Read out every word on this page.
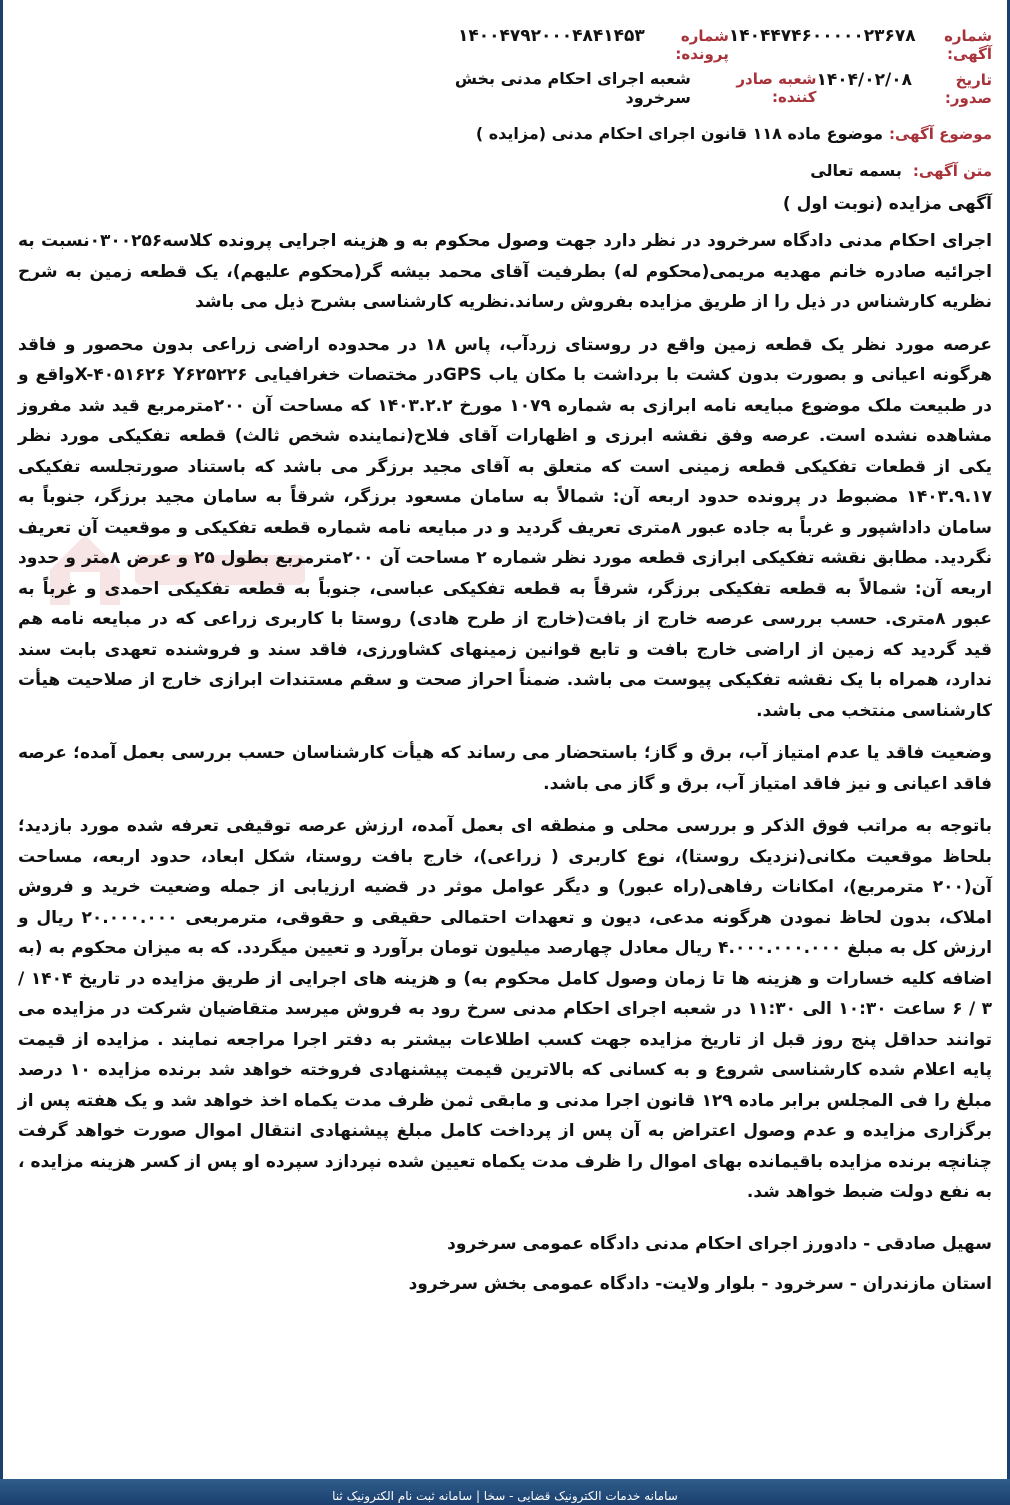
شماره آگهی:
۱۴۰۴۴۷۴۶۰۰۰۰۰۲۳۶۷۸
شماره پرونده:
۱۴۰۰۴۷۹۲۰۰۰۴۸۴۱۴۵۳
تاریخ صدور:
۱۴۰۴/۰۲/۰۸
شعبه صادر کننده:
شعبه اجرای احکام مدنی بخش سرخرود
موضوع آگهی:
موضوع ماده ۱۱۸ قانون اجرای احکام مدنی (مزایده )
متن آگهی: بسمه تعالی
آگهی مزایده (نوبت اول )

اجرای احکام مدنی دادگاه سرخرود در نظر دارد جهت وصول محکوم به و هزینه اجرایی پرونده کلاسه۰۳۰۰۲۵۶نسبت به اجرائیه صادره خانم مهدیه مریمی(محکوم له) بطرفیت آقای محمد بیشه گر(محکوم علیهم)، یک قطعه زمین به شرح نظریه کارشناس در ذیل را از طریق مزایده بفروش رساند.نظریه کارشناسی بشرح ذیل می باشد

عرصه مورد نظر یک قطعه زمین واقع در روستای زردآب، پاس ۱۸ در محدوده اراضی زراعی بدون محصور و فاقد هرگونه اعیانی و بصورت بدون کشت با برداشت با مکان یاب GPSدر مختصات خغرافیایی X-۴۰۵۱۶۲۶ Y۶۲۵۲۲۶واقع و در طبیعت ملک موضوع مبایعه نامه ابرازی به شماره ۱۰۷۹ مورخ ۱۴۰۳.۲.۲ که مساحت آن ۲۰۰مترمربع قید شد مفروز مشاهده نشده است. عرصه وفق نقشه ابرزی و اظهارات آقای فلاح(نماینده شخص ثالث) قطعه تفکیکی مورد نظر یکی از قطعات تفکیکی قطعه زمینی است که متعلق به آقای مجید برزگر می باشد که باستناد صورتجلسه تفکیکی ۱۴۰۳.۹.۱۷ مضبوط در پرونده حدود اربعه آن: شمالاً به سامان مسعود برزگر، شرقاً به سامان مجید برزگر، جنوباً به سامان داداشپور و غرباً به جاده عبور ۸متری تعریف گردید و در مبایعه نامه شماره قطعه تفکیکی و موقعیت آن تعریف نگردید. مطابق نقشه تفکیکی ابرازی قطعه مورد نظر شماره ۲ مساحت آن ۲۰۰مترمربع بطول ۲۵ و عرض ۸متر و حدود اربعه آن: شمالاً به قطعه تفکیکی برزگر، شرقاً به قطعه تفکیکی عباسی، جنوباً به قطعه تفکیکی احمدی و غرباً به عبور ۸متری. حسب بررسی عرصه خارج از بافت(خارج از طرح هادی) روستا با کاربری زراعی که در مبایعه نامه هم قید گردید که زمین از اراضی خارج بافت و تابع قوانین زمینهای کشاورزی، فاقد سند و فروشنده تعهدی بابت سند ندارد، همراه با یک نقشه تفکیکی پیوست می باشد. ضمناً احراز صحت و سقم مستندات ابرازی خارج از صلاحیت هیأت کارشناسی منتخب می باشد.

وضعیت فاقد یا عدم امتیاز آب، برق و گاز؛ باستحضار می رساند که هیأت کارشناسان حسب بررسی بعمل آمده؛ عرصه فاقد اعیانی و نیز فاقد امتیاز آب، برق و گاز می باشد.

باتوجه به مراتب فوق الذکر و بررسی محلی و منطقه ای بعمل آمده، ارزش عرصه توقیفی تعرفه شده مورد بازدید؛ بلحاظ موقعیت مکانی(نزدیک روستا)، نوع کاربری ( زراعی)، خارج بافت روستا، شکل ابعاد، حدود اربعه، مساحت آن(۲۰۰ مترمربع)، امکانات رفاهی(راه عبور) و دیگر عوامل موثر در قضیه ارزیابی از جمله وضعیت خرید و فروش املاک، بدون لحاظ نمودن هرگونه مدعی، دیون و تعهدات احتمالی حقیقی و حقوقی، مترمربعی ۲۰.۰۰۰.۰۰۰ ریال و ارزش کل به مبلغ ۴.۰۰۰.۰۰۰.۰۰۰ ریال معادل چهارصد میلیون تومان برآورد و تعیین میگردد. که به میزان محکوم به (به اضافه کلیه خسارات و هزینه ها تا زمان وصول کامل محکوم به) و هزینه های اجرایی از طریق مزایده در تاریخ ۱۴۰۴ / ۳ / ۶ ساعت ۱۰:۳۰ الی ۱۱:۳۰ در شعبه اجرای احکام مدنی سرخ رود به فروش میرسد متقاضیان شرکت در مزایده می توانند حداقل پنج روز قبل از تاریخ مزایده جهت کسب اطلاعات بیشتر به دفتر اجرا مراجعه نمایند . مزایده از قیمت پایه اعلام شده کارشناسی شروع و به کسانی که بالاترین قیمت پیشنهادی فروخته خواهد شد برنده مزایده ۱۰ درصد مبلغ را فی المجلس برابر ماده ۱۲۹ قانون اجرا مدنی و مابقی ثمن ظرف مدت یکماه اخذ خواهد شد و یک هفته پس از برگزاری مزایده و عدم وصول اعتراض به آن پس از پرداخت کامل مبلغ پیشنهادی انتقال اموال صورت خواهد گرفت چنانچه برنده مزایده باقیمانده بهای اموال را ظرف مدت یکماه تعیین شده نپردازد سپرده او پس از کسر هزینه مزایده ، به نفع دولت ضبط خواهد شد.

سهیل صادقی - دادورز اجرای احکام مدنی دادگاه عمومی سرخرود
استان مازندران - سرخرود - بلوار ولایت- دادگاه عمومی بخش سرخرود
سامانه خدمات الکترونیک قضایی - سخا | سامانه ثبت نام الکترونیک ثنا
